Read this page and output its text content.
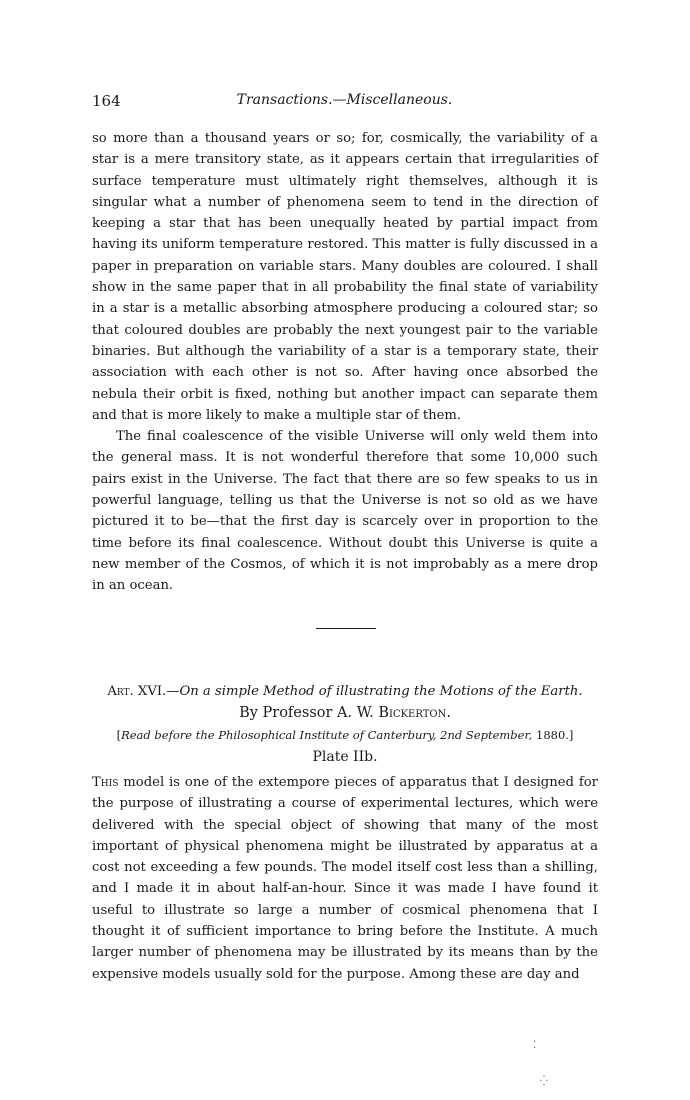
164	Transactions.—Miscellaneous.

so more than a thousand years or so; for, cosmically, the variability of a star is a mere transitory state, as it appears certain that irregularities of surface temperature must ultimately right themselves, although it is singular what a number of phenomena seem to tend in the direction of keeping a star that has been unequally heated by partial impact from having its uniform temperature restored. This matter is fully discussed in a paper in preparation on variable stars. Many doubles are coloured. I shall show in the same paper that in all probability the final state of variability in a star is a metallic absorbing atmosphere producing a coloured star; so that coloured doubles are probably the next youngest pair to the variable binaries. But although the variability of a star is a temporary state, their association with each other is not so. After having once absorbed the nebula their orbit is fixed, nothing but another impact can separate them and that is more likely to make a multiple star of them.

The final coalescence of the visible Universe will only weld them into the general mass. It is not wonderful therefore that some 10,000 such pairs exist in the Universe. The fact that there are so few speaks to us in powerful language, telling us that the Universe is not so old as we have pictured it to be—that the first day is scarcely over in proportion to the time before its final coalescence. Without doubt this Universe is quite a new member of the Cosmos, of which it is not improbably as a mere drop in an ocean.

Art. XVI.—On a simple Method of illustrating the Motions of the Earth.
By Professor A. W. Bickerton.
[Read before the Philosophical Institute of Canterbury, 2nd September, 1880.]
Plate IIb.

This model is one of the extempore pieces of apparatus that I designed for the purpose of illustrating a course of experimental lectures, which were delivered with the special object of showing that many of the most important of physical phenomena might be illustrated by apparatus at a cost not exceeding a few pounds. The model itself cost less than a shilling, and I made it in about half-an-hour. Since it was made I have found it useful to illustrate so large a number of cosmical phenomena that I thought it of sufficient importance to bring before the Institute. A much larger number of phenomena may be illustrated by its means than by the expensive models usually sold for the purpose. Among these are day and

⁚
⁛
